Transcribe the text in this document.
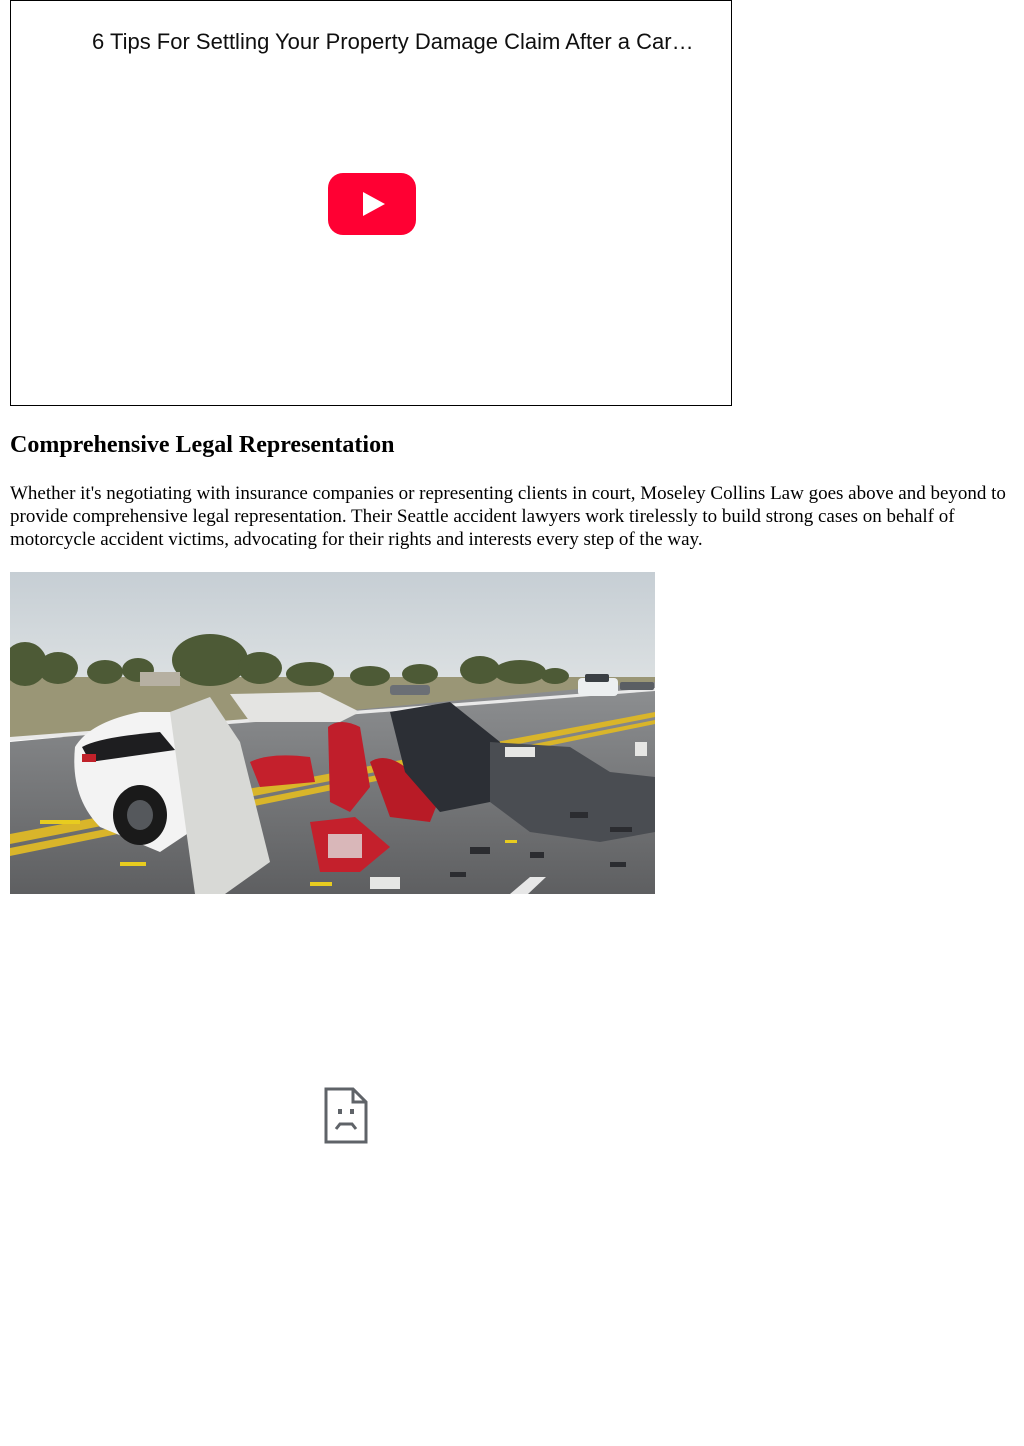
6 Tips For Settling Your Property Damage Claim After a Car…
Comprehensive Legal Representation

Whether it's negotiating with insurance companies or representing clients in court, Moseley Collins Law goes above and beyond to provide comprehensive legal representation. Their Seattle accident lawyers work tirelessly to build strong cases on behalf of motorcycle accident victims, advocating for their rights and interests every step of the way.
